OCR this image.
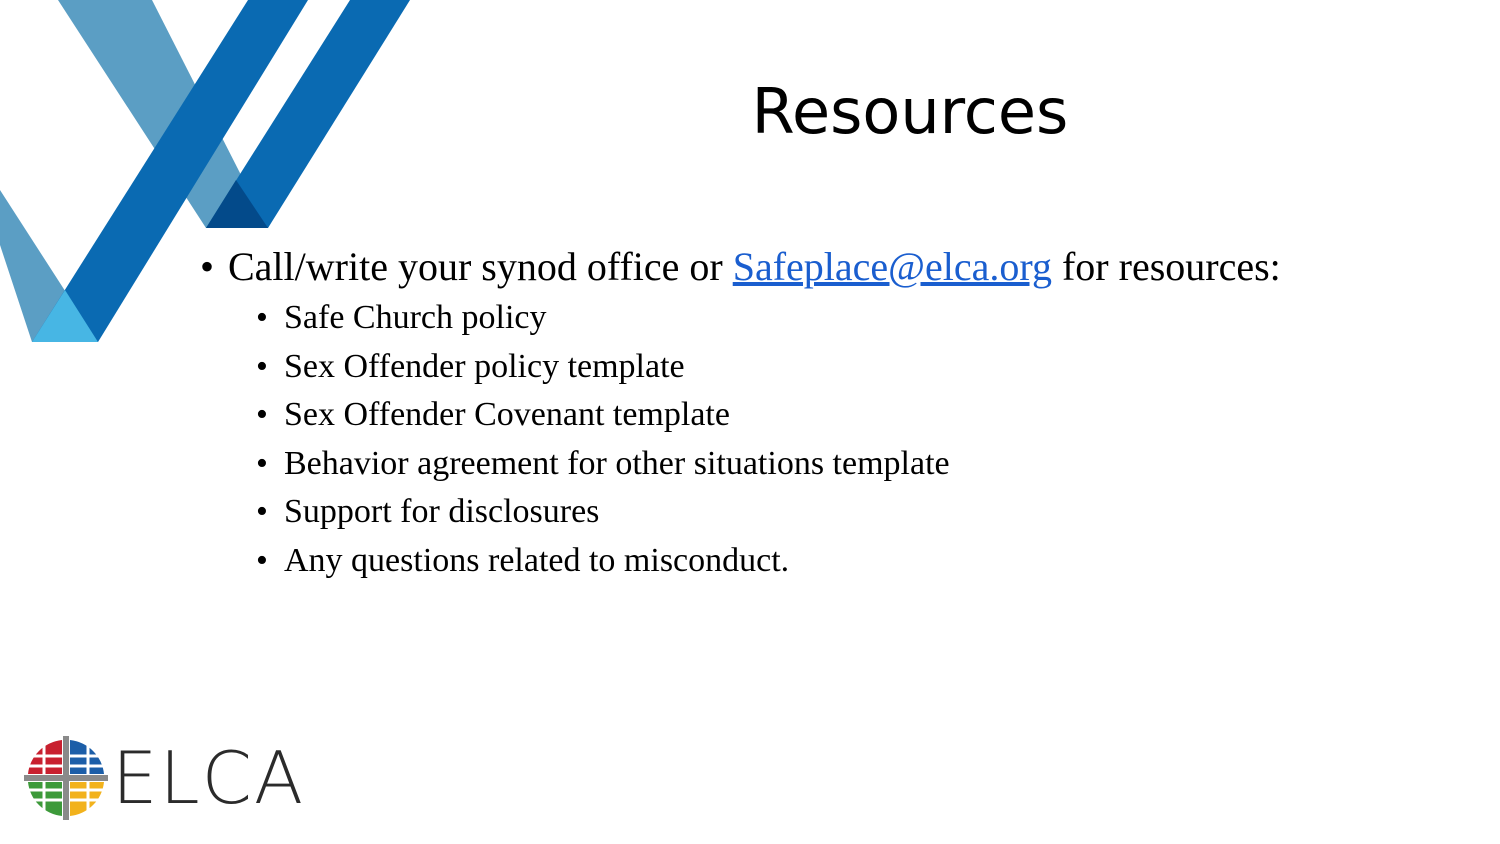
Resources
• Call/write your synod office or Safeplace@elca.org for resources:
• Safe Church policy
• Sex Offender policy template
• Sex Offender Covenant template
• Behavior agreement for other situations template
• Support for disclosures
• Any questions related to misconduct.
ELCA
